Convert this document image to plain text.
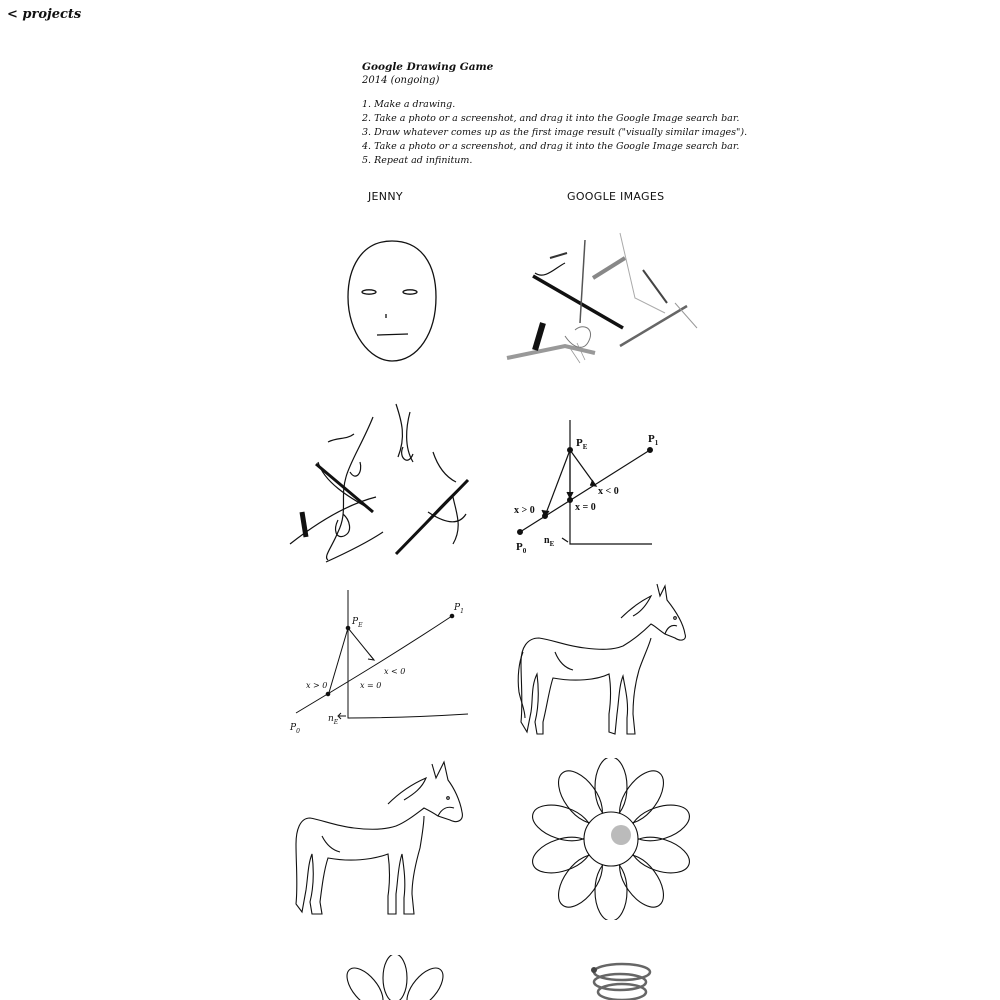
< projects

Google Drawing Game

2014 (ongoing)

1. Make a drawing.
2. Take a photo or a screenshot, and drag it into the Google Image search bar.
3. Draw whatever comes up as the first image result ("visually similar images").
4. Take a photo or a screenshot, and drag it into the Google Image search bar.
5. Repeat ad infinitum.
JENNY	GOOGLE IMAGES
$P_E$
$P_1$
x > 0	x = 0
x < 0
$P_0$
$n_E$
$P_E$
$P_1$
x > 0	x = 0
x < 0
$P_0$
$n_E$
